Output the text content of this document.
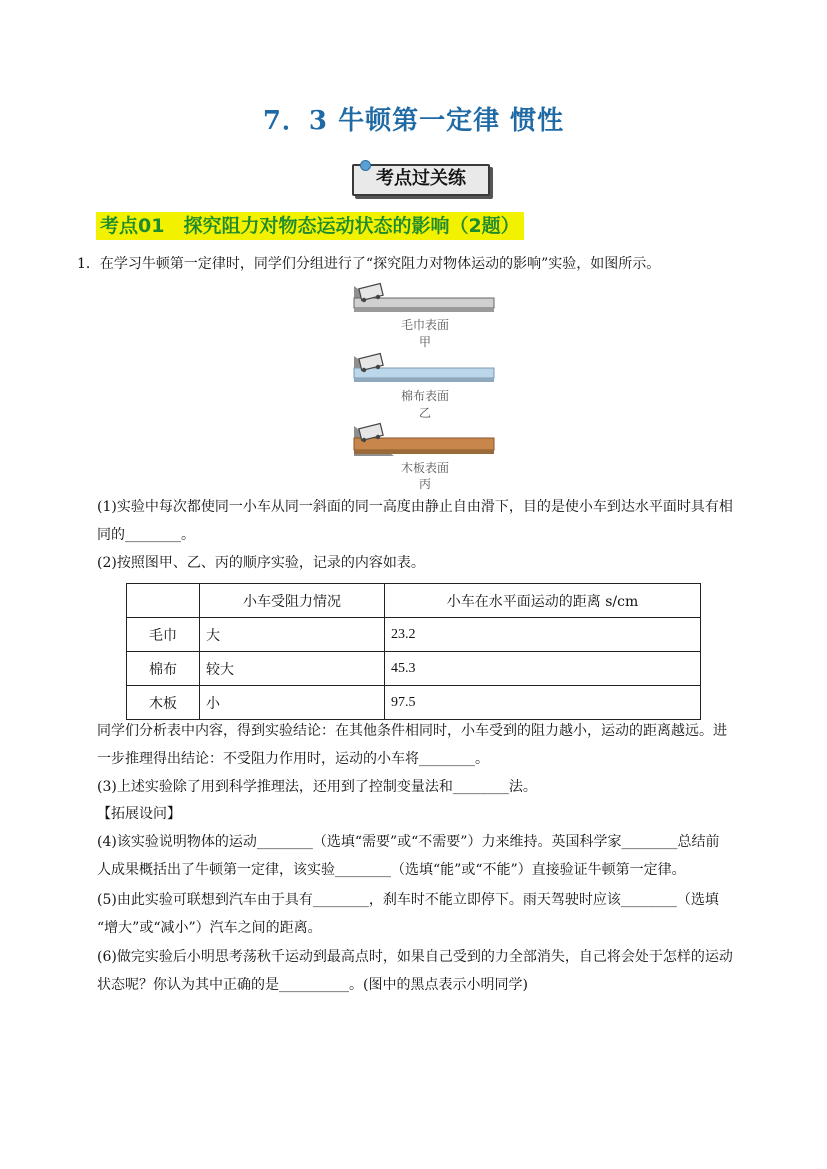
7．3 牛顿第一定律 惯性
考点过关练
考点01　探究阻力对物态运动状态的影响（2题）
1．在学习牛顿第一定律时，同学们分组进行了“探究阻力对物体运动的影响”实验，如图所示。
毛巾表面
甲
棉布表面
乙
木板表面
丙
(1)实验中每次都使同一小车从同一斜面的同一高度由静止自由滑下，目的是使小车到达水平面时具有相
同的________。
(2)按照图甲、乙、丙的顺序实验，记录的内容如表。
	小车受阻力情况	小车在水平面运动的距离 s/cm
毛巾	大	23.2
棉布	较大	45.3
木板	小	97.5
同学们分析表中内容，得到实验结论：在其他条件相同时，小车受到的阻力越小，运动的距离越远。进
一步推理得出结论：不受阻力作用时，运动的小车将________。
(3)上述实验除了用到科学推理法，还用到了控制变量法和________法。
【拓展设问】
(4)该实验说明物体的运动________（选填“需要”或“不需要”）力来维持。英国科学家________总结前
人成果概括出了牛顿第一定律，该实验________（选填“能”或“不能”）直接验证牛顿第一定律。
(5)由此实验可联想到汽车由于具有________，刹车时不能立即停下。雨天驾驶时应该________（选填
“增大”或“减小”）汽车之间的距离。
(6)做完实验后小明思考荡秋千运动到最高点时，如果自己受到的力全部消失，自己将会处于怎样的运动
状态呢？你认为其中正确的是__________。(图中的黑点表示小明同学)
